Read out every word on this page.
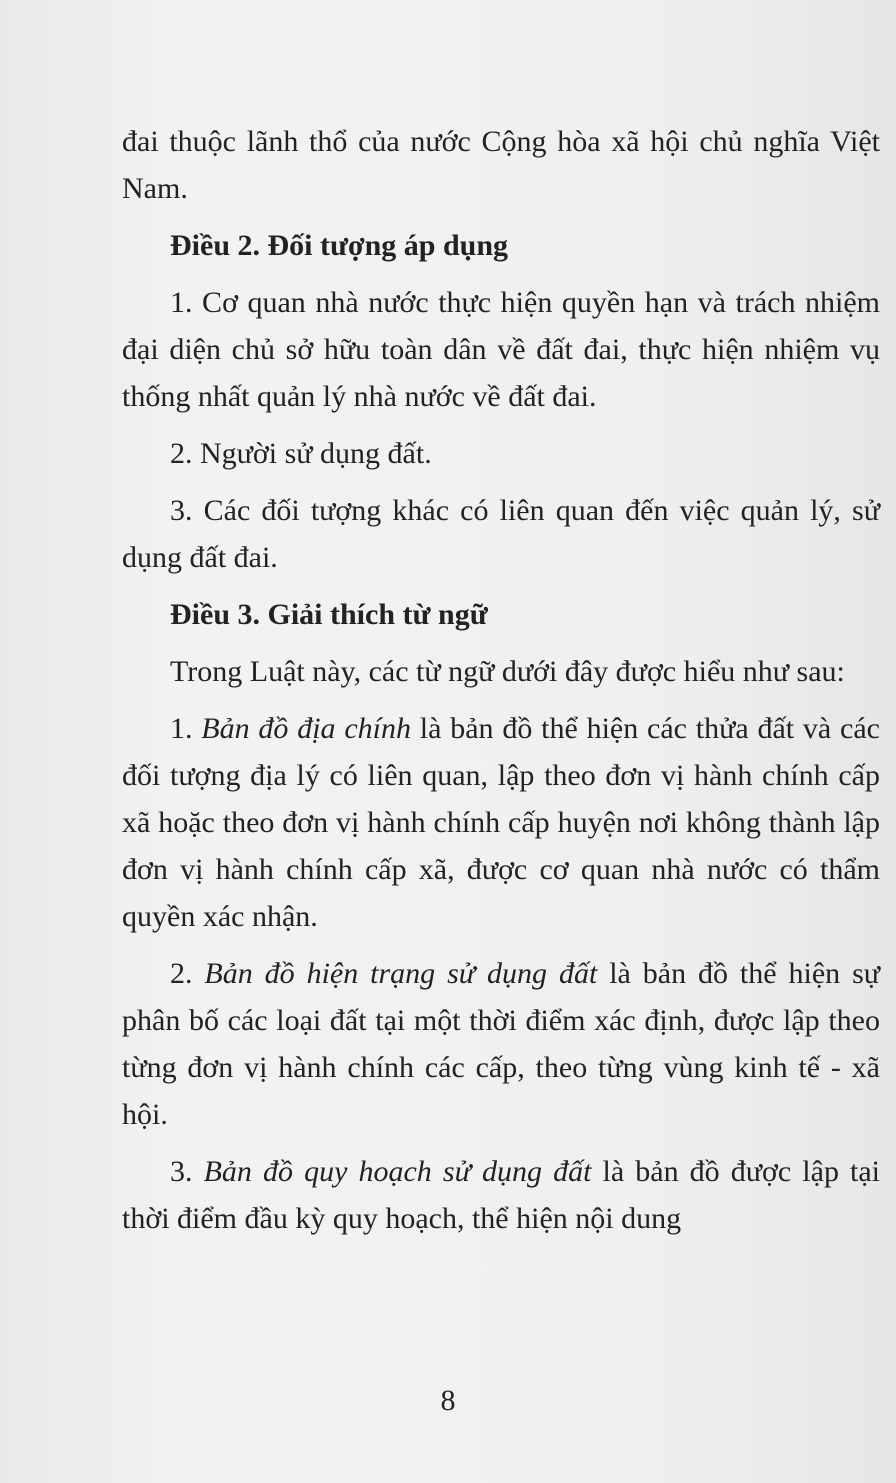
đai thuộc lãnh thổ của nước Cộng hòa xã hội chủ nghĩa Việt Nam.

Điều 2. Đối tượng áp dụng

1. Cơ quan nhà nước thực hiện quyền hạn và trách nhiệm đại diện chủ sở hữu toàn dân về đất đai, thực hiện nhiệm vụ thống nhất quản lý nhà nước về đất đai.

2. Người sử dụng đất.

3. Các đối tượng khác có liên quan đến việc quản lý, sử dụng đất đai.

Điều 3. Giải thích từ ngữ

Trong Luật này, các từ ngữ dưới đây được hiểu như sau:

1. Bản đồ địa chính là bản đồ thể hiện các thửa đất và các đối tượng địa lý có liên quan, lập theo đơn vị hành chính cấp xã hoặc theo đơn vị hành chính cấp huyện nơi không thành lập đơn vị hành chính cấp xã, được cơ quan nhà nước có thẩm quyền xác nhận.

2. Bản đồ hiện trạng sử dụng đất là bản đồ thể hiện sự phân bố các loại đất tại một thời điểm xác định, được lập theo từng đơn vị hành chính các cấp, theo từng vùng kinh tế - xã hội.

3. Bản đồ quy hoạch sử dụng đất là bản đồ được lập tại thời điểm đầu kỳ quy hoạch, thể hiện nội dung

8
